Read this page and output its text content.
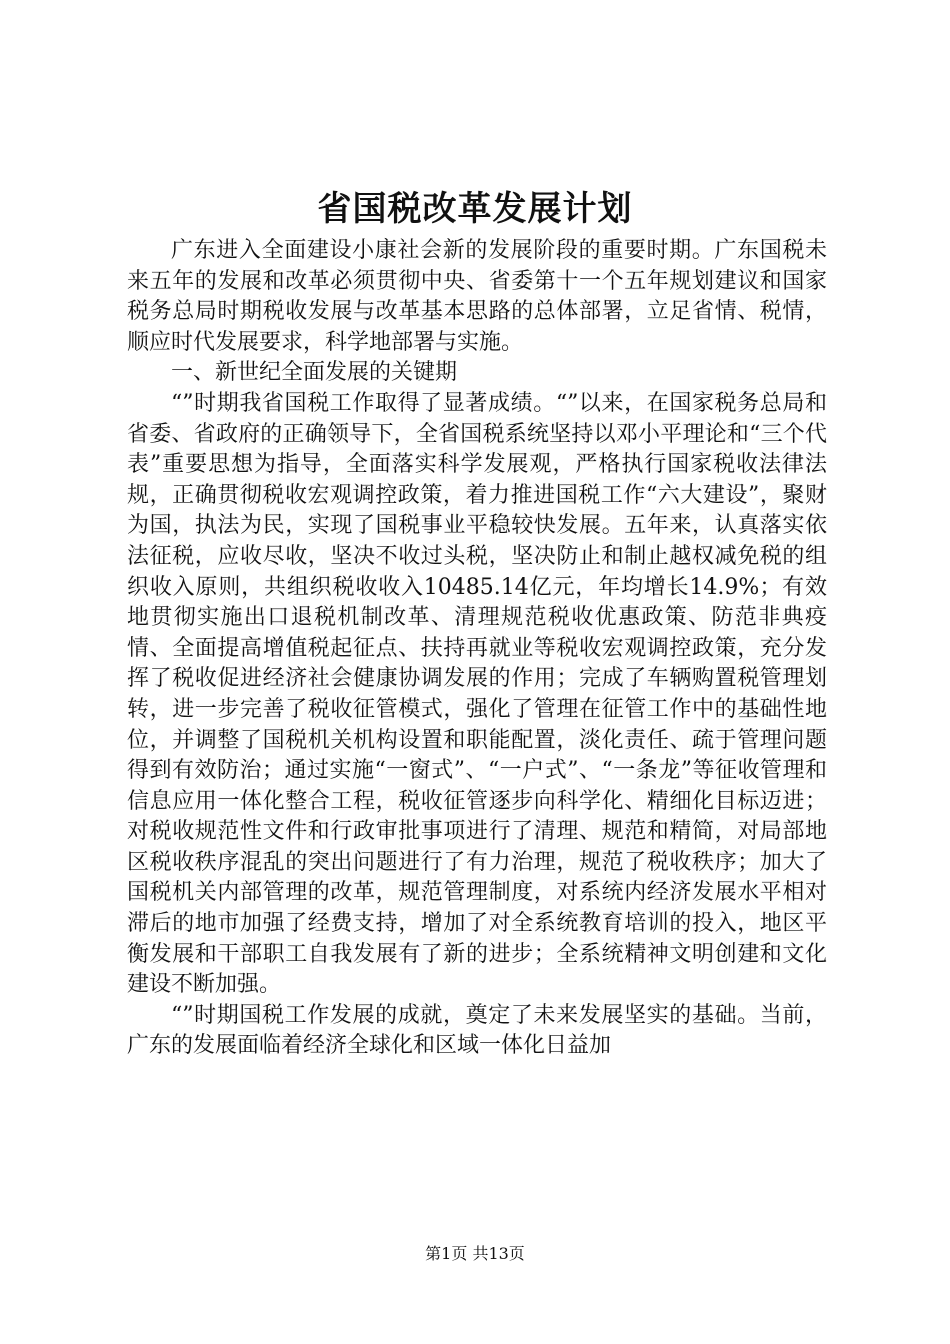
省国税改革发展计划

广东进入全面建设小康社会新的发展阶段的重要时期。广东国税未来五年的发展和改革必须贯彻中央、省委第十一个五年规划建议和国家税务总局时期税收发展与改革基本思路的总体部署，立足省情、税情，顺应时代发展要求，科学地部署与实施。

一、新世纪全面发展的关键期

“”时期我省国税工作取得了显著成绩。“”以来，在国家税务总局和省委、省政府的正确领导下，全省国税系统坚持以邓小平理论和“三个代表”重要思想为指导，全面落实科学发展观，严格执行国家税收法律法规，正确贯彻税收宏观调控政策，着力推进国税工作“六大建设”，聚财为国，执法为民，实现了国税事业平稳较快发展。五年来，认真落实依法征税，应收尽收，坚决不收过头税，坚决防止和制止越权减免税的组织收入原则，共组织税收收入10485.14亿元，年均增长14.9%；有效地贯彻实施出口退税机制改革、清理规范税收优惠政策、防范非典疫情、全面提高增值税起征点、扶持再就业等税收宏观调控政策，充分发挥了税收促进经济社会健康协调发展的作用；完成了车辆购置税管理划转，进一步完善了税收征管模式，强化了管理在征管工作中的基础性地位，并调整了国税机关机构设置和职能配置，淡化责任、疏于管理问题得到有效防治；通过实施“一窗式”、“一户式”、“一条龙”等征收管理和信息应用一体化整合工程，税收征管逐步向科学化、精细化目标迈进；对税收规范性文件和行政审批事项进行了清理、规范和精简，对局部地区税收秩序混乱的突出问题进行了有力治理，规范了税收秩序；加大了国税机关内部管理的改革，规范管理制度，对系统内经济发展水平相对滞后的地市加强了经费支持，增加了对全系统教育培训的投入，地区平衡发展和干部职工自我发展有了新的进步；全系统精神文明创建和文化建设不断加强。

“”时期国税工作发展的成就，奠定了未来发展坚实的基础。当前，广东的发展面临着经济全球化和区域一体化日益加

第1页 共13页
